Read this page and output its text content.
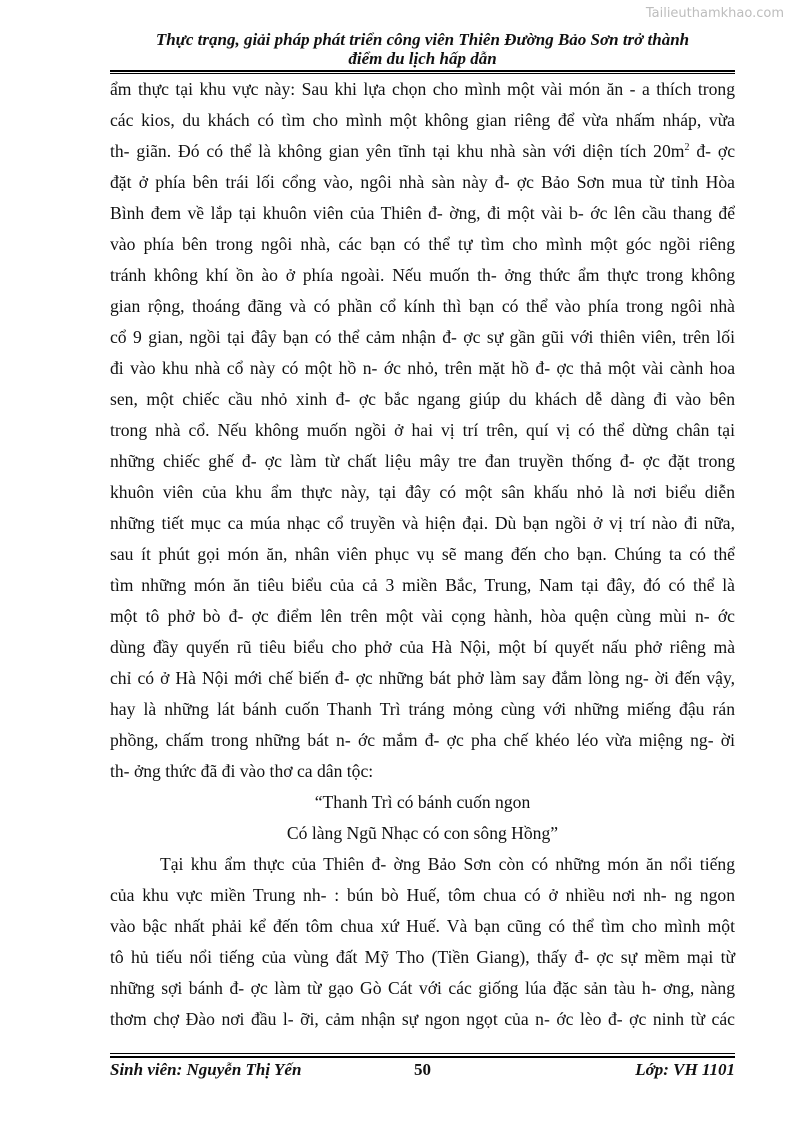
Tailieuthamkhao.com
Thực trạng, giải pháp phát triển công viên Thiên Đường Bảo Sơn trở thành
điểm du lịch hấp dẫn
ẩm thực tại khu vực này: Sau khi lựa chọn cho mình một vài món ăn - a thích trong
các kios, du khách có tìm cho mình một không gian riêng để vừa nhấm nháp, vừa
th- giãn. Đó có thể là không gian yên tĩnh tại khu nhà sàn với diện tích $20m^2$ đ- ợc
đặt ở phía bên trái lối cổng vào, ngôi nhà sàn này đ- ợc Bảo Sơn mua từ tỉnh Hòa
Bình đem về lắp tại khuôn viên của Thiên đ- ờng, đi một vài b- ớc lên cầu thang để
vào phía bên trong ngôi nhà, các bạn có thể tự tìm cho mình một góc ngồi riêng
tránh không khí ồn ào ở phía ngoài. Nếu muốn th- ởng thức ẩm thực trong không
gian rộng, thoáng đãng và có phần cổ kính thì bạn có thể vào phía trong ngôi nhà
cổ 9 gian, ngồi tại đây bạn có thể cảm nhận đ- ợc sự gần gũi với thiên viên, trên lối
đi vào khu nhà cổ này có một hồ n- ớc nhỏ, trên mặt hồ đ- ợc thả một vài cành hoa
sen, một chiếc cầu nhỏ xinh đ- ợc bắc ngang giúp du khách dễ dàng đi vào bên
trong nhà cổ. Nếu không muốn ngồi ở hai vị trí trên, quí vị có thể dừng chân tại
những chiếc ghế đ- ợc làm từ chất liệu mây tre đan truyền thống đ- ợc đặt trong
khuôn viên của khu ẩm thực này, tại đây có một sân khấu nhỏ là nơi biểu diễn
những tiết mục ca múa nhạc cổ truyền và hiện đại. Dù bạn ngồi ở vị trí nào đi nữa,
sau ít phút gọi món ăn, nhân viên phục vụ sẽ mang đến cho bạn. Chúng ta có thể
tìm những món ăn tiêu biểu của cả 3 miền Bắc, Trung, Nam tại đây, đó có thể là
một tô phở bò đ- ợc điểm lên trên một vài cọng hành, hòa quện cùng mùi n- ớc
dùng đầy quyến rũ tiêu biểu cho phở của Hà Nội, một bí quyết nấu phở riêng mà
chỉ có ở Hà Nội mới chế biến đ- ợc những bát phở làm say đắm lòng ng- ời đến vậy,
hay là những lát bánh cuốn Thanh Trì tráng mỏng cùng với những miếng đậu rán
phồng, chấm trong những bát n- ớc mắm đ- ợc pha chế khéo léo vừa miệng ng- ời
th- ởng thức đã đi vào thơ ca dân tộc:
“Thanh Trì có bánh cuốn ngon
Có làng Ngũ Nhạc có con sông Hồng”
Tại khu ẩm thực của Thiên đ- ờng Bảo Sơn còn có những món ăn nổi tiếng
của khu vực miền Trung nh- : bún bò Huế, tôm chua có ở nhiều nơi nh- ng ngon
vào bậc nhất phải kể đến tôm chua xứ Huế. Và bạn cũng có thể tìm cho mình một
tô hủ tiếu nổi tiếng của vùng đất Mỹ Tho (Tiền Giang), thấy đ- ợc sự mềm mại từ
những sợi bánh đ- ợc làm từ gạo Gò Cát với các giống lúa đặc sản tàu h- ơng, nàng
thơm chợ Đào nơi đầu l- ỡi, cảm nhận sự ngon ngọt của n- ớc lèo đ- ợc ninh từ các
Sinh viên: Nguyễn Thị Yến	50	Lớp: VH 1101
